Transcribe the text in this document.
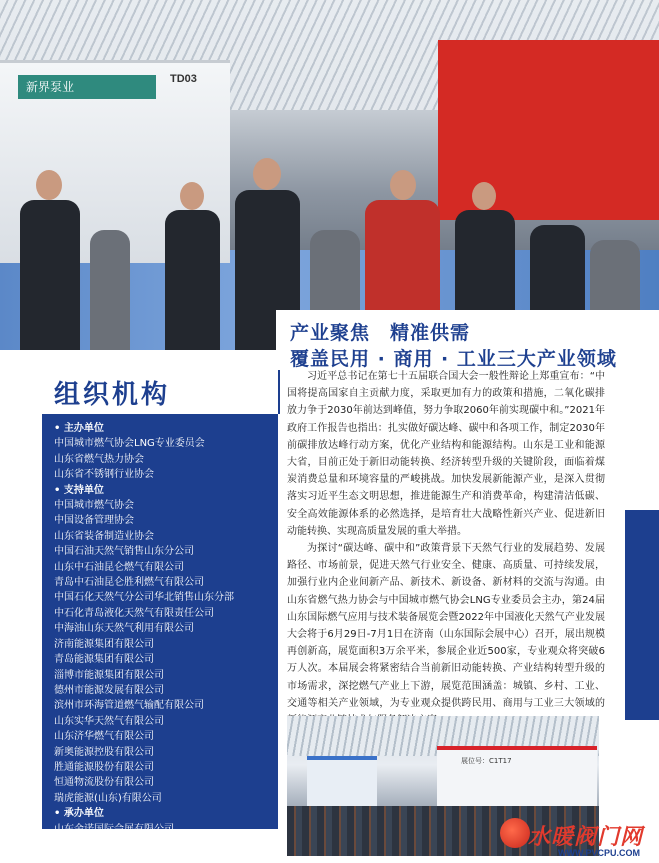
新界泵业
TD03
产业聚焦　精准供需
覆盖民用 · 商用 · 工业三大产业领域
组织机构
• 主办单位
中国城市燃气协会LNG专业委员会
山东省燃气热力协会
山东省不锈钢行业协会
• 支持单位
中国城市燃气协会
中国设备管理协会
山东省装备制造业协会
中国石油天然气销售山东分公司
山东中石油昆仑燃气有限公司
青岛中石油昆仑胜利燃气有限公司
中国石化天然气分公司华北销售山东分部
中石化青岛液化天然气有限责任公司
中海油山东天然气利用有限公司
济南能源集团有限公司
青岛能源集团有限公司
淄博市能源集团有限公司
德州市能源发展有限公司
滨州市环海管道燃气输配有限公司
山东实华天然气有限公司
山东济华燃气有限公司
新奥能源控股有限公司
胜通能源股份有限公司
恒通物流股份有限公司
瑞虎能源(山东)有限公司
• 承办单位
山东金诺国际会展有限公司

习近平总书记在第七十五届联合国大会一般性辩论上郑重宣布：“中国将提高国家自主贡献力度，采取更加有力的政策和措施，二氧化碳排放力争于2030年前达到峰值，努力争取2060年前实现碳中和。”2021年政府工作报告也指出：扎实做好碳达峰、碳中和各项工作，制定2030年前碳排放达峰行动方案，优化产业结构和能源结构。山东是工业和能源大省，目前正处于新旧动能转换、经济转型升级的关键阶段，面临着煤炭消费总量和环境容量的严峻挑战。加快发展新能源产业，是深入贯彻落实习近平生态文明思想，推进能源生产和消费革命，构建清洁低碳、安全高效能源体系的必然选择，是培育壮大战略性新兴产业、促进新旧动能转换、实现高质量发展的重大举措。

为探讨“碳达峰、碳中和”政策背景下天然气行业的发展趋势、发展路径、市场前景，促进天然气行业安全、健康、高质量、可持续发展，加强行业内企业间新产品、新技术、新设备、新材料的交流与沟通。由山东省燃气热力协会与中国城市燃气协会LNG专业委员会主办，第24届山东国际燃气应用与技术装备展览会暨2022年中国液化天然气产业发展大会将于6月29日-7月1日在济南（山东国际会展中心）召开，展出规模再创新高，展览面积3万余平米，参展企业近500家，专业观众将突破6万人次。本届展会将紧密结合当前新旧动能转换、产业结构转型升级的市场需求，深挖燃气产业上下游，展览范围涵盖：城镇、乡村、工业、交通等相关产业领域，为专业观众提供跨民用、商用与工业三大领域的

展位号：C1T17
水暖阀门网
WWW.PVCPU.COM
